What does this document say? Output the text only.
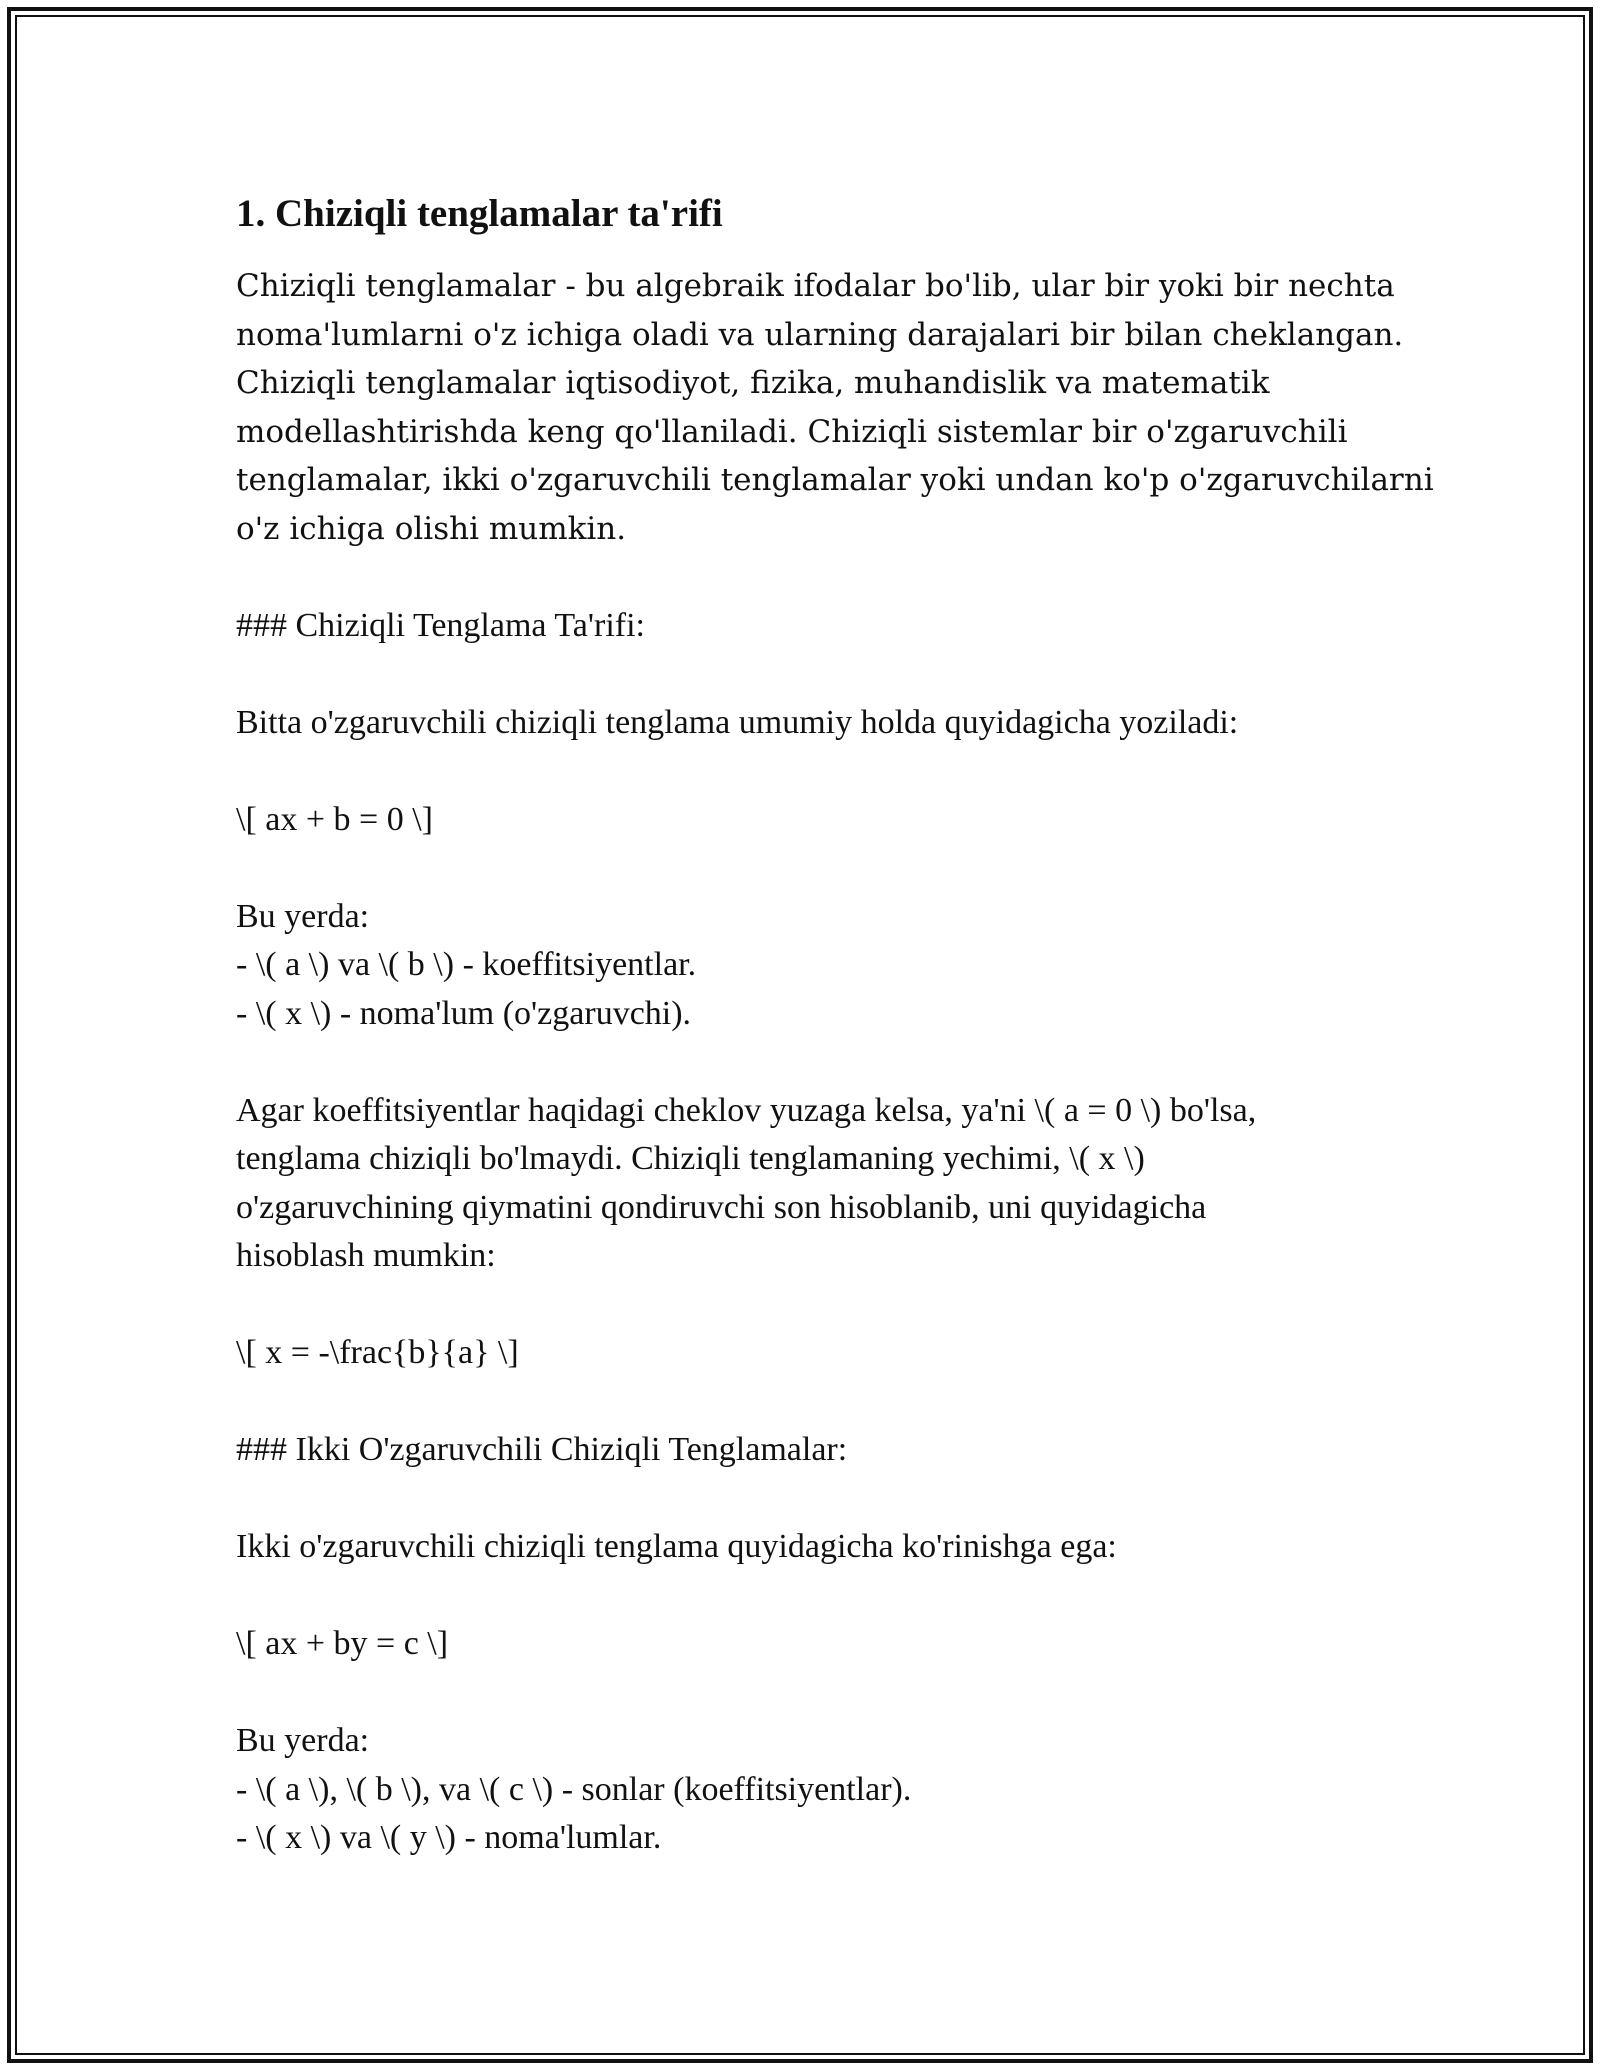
1. Chiziqli tenglamalar ta'rifi

Chiziqli tenglamalar - bu algebraik ifodalar bo'lib, ular bir yoki bir nechta
noma'lumlarni o'z ichiga oladi va ularning darajalari bir bilan cheklangan.
Chiziqli tenglamalar iqtisodiyot, fizika, muhandislik va matematik
modellashtirishda keng qo'llaniladi. Chiziqli sistemlar bir o'zgaruvchili
tenglamalar, ikki o'zgaruvchili tenglamalar yoki undan ko'p o'zgaruvchilarni
o'z ichiga olishi mumkin.

### Chiziqli Tenglama Ta'rifi:

Bitta o'zgaruvchili chiziqli tenglama umumiy holda quyidagicha yoziladi:

\[ ax + b = 0 \]

Bu yerda:
- \( a \) va \( b \) - koeffitsiyentlar.
- \( x \) - noma'lum (o'zgaruvchi).

Agar koeffitsiyentlar haqidagi cheklov yuzaga kelsa, ya'ni \( a = 0 \) bo'lsa,
tenglama chiziqli bo'lmaydi. Chiziqli tenglamaning yechimi, \( x \)
o'zgaruvchining qiymatini qondiruvchi son hisoblanib, uni quyidagicha
hisoblash mumkin:

\[ x = -\frac{b}{a} \]

### Ikki O'zgaruvchili Chiziqli Tenglamalar:

Ikki o'zgaruvchili chiziqli tenglama quyidagicha ko'rinishga ega:

\[ ax + by = c \]

Bu yerda:
- \( a \), \( b \), va \( c \) - sonlar (koeffitsiyentlar).
- \( x \) va \( y \) - noma'lumlar.
